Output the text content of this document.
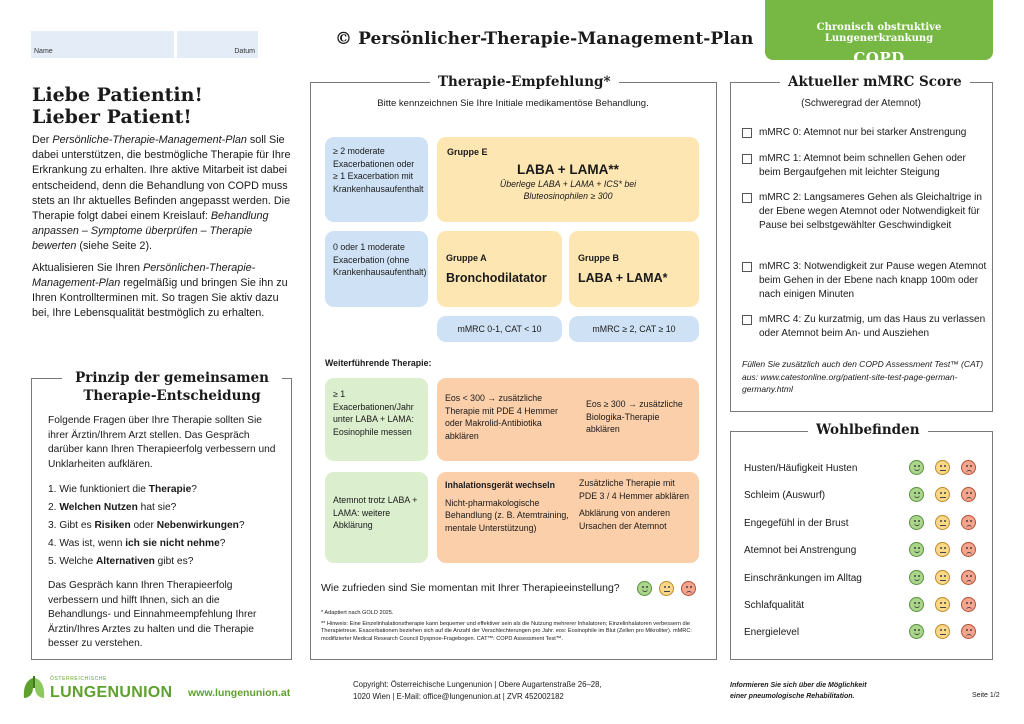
Name	Datum
© Persönlicher-Therapie-Management-Plan
Chronisch obstruktive Lungenerkrankung
COPD
Liebe Patientin!
Lieber Patient!

Der Persönliche-Therapie-Management-Plan soll Sie dabei unterstützen, die bestmögliche Therapie für Ihre Erkrankung zu erhalten. Ihre aktive Mitarbeit ist dabei entscheidend, denn die Behandlung von COPD muss stets an Ihr aktuelles Befinden angepasst werden. Die Therapie folgt dabei einem Kreislauf: Behandlung anpassen – Symptome überprüfen – Therapie bewerten (siehe Seite 2).

Aktualisieren Sie Ihren Persönlichen-Therapie-Management-Plan regelmäßig und bringen Sie ihn zu Ihren Kontrollterminen mit. So tragen Sie aktiv dazu bei, Ihre Lebensqualität bestmöglich zu erhalten.

Prinzip der gemeinsamen Therapie-Entscheidung
Folgende Fragen über Ihre Therapie sollten Sie ihrer Ärztin/Ihrem Arzt stellen. Das Gespräch darüber kann Ihren Therapieerfolg verbessern und Unklarheiten aufklären.
1. Wie funktioniert die Therapie?
2. Welchen Nutzen hat sie?
3. Gibt es Risiken oder Nebenwirkungen?
4. Was ist, wenn ich sie nicht nehme?
5. Welche Alternativen gibt es?
Das Gespräch kann Ihren Therapieerfolg verbessern und hilft Ihnen, sich an die Behandlungs- und Einnahmeempfehlung Ihrer Ärztin/Ihres Arztes zu halten und die Therapie besser zu verstehen.
Therapie-Empfehlung*
Bitte kennzeichnen Sie Ihre Initiale medikamentöse Behandlung.
≥ 2 moderate Exacerbationen oder ≥ 1 Exacerbation mit Krankenhausaufenthalt
Gruppe E
LABA + LAMA**
Überlege LABA + LAMA + ICS* bei Bluteosinophilen ≥ 300
0 oder 1 moderate Exacerbation (ohne Krankenhausaufenthalt)
Gruppe A
Bronchodilatator
Gruppe B
LABA + LAMA*
mMRC 0-1, CAT < 10	mMRC ≥ 2, CAT ≥ 10
Weiterführende Therapie:
≥ 1 Exacerbationen/Jahr unter LABA + LAMA: Eosinophile messen
Eos < 300 → zusätzliche Therapie mit PDE 4 Hemmer oder Makrolid-Antibiotika abklären
Eos ≥ 300 → zusätzliche Biologika-Therapie abklären
Atemnot trotz LABA + LAMA: weitere Abklärung
Inhalationsgerät wechseln
Nicht-pharmakologische Behandlung (z. B. Atemtraining, mentale Unterstützung)
Zusätzliche Therapie mit PDE 3 / 4 Hemmer abklären
Abklärung von anderen Ursachen der Atemnot
Wie zufrieden sind Sie momentan mit Ihrer Therapieeinstellung?
* Adaptiert nach GOLD 2025.
** Hinweis: Eine Einzelinhalationstherapie kann bequemer und effektiver sein als die Nutzung mehrerer Inhalatoren; Einzelinhalatoren verbessern die Therapietreue. Exacerbationen beziehen sich auf die Anzahl der Verschlechterungen pro Jahr. eos: Eosinophile im Blut (Zellen pro Mikroliter). mMRC: modifizierter Medical Research Council Dyspnoe-Fragebogen. CAT™: COPD Assessment Test™.
Aktueller mMRC Score
(Schweregrad der Atemnot)
mMRC 0: Atemnot nur bei starker Anstrengung
mMRC 1: Atemnot beim schnellen Gehen oder beim Bergaufgehen mit leichter Steigung
mMRC 2: Langsameres Gehen als Gleichaltrige in der Ebene wegen Atemnot oder Notwendigkeit für Pause bei selbstgewählter Geschwindigkeit
mMRC 3: Notwendigkeit zur Pause wegen Atemnot beim Gehen in der Ebene nach knapp 100m oder nach einigen Minuten
mMRC 4: Zu kurzatmig, um das Haus zu verlassen oder Atemnot beim An- und Ausziehen
Füllen Sie zusätzlich auch den COPD Assessment Test™ (CAT) aus: www.catestonline.org/patient-site-test-page-german-germany.html
Wohlbefinden
Husten/Häufigkeit Husten
Schleim (Auswurf)
Engegefühl in der Brust
Atemnot bei Anstrengung
Einschränkungen im Alltag
Schlafqualität
Energielevel
ÖSTERREICHISCHE
LUNGENUNION www.lungenunion.at
Copyright: Österreichische Lungenunion | Obere Augartenstraße 26–28,
1020 Wien | E-Mail: office@lungenunion.at | ZVR 452002182
Informieren Sie sich über die Möglichkeit
einer pneumologische Rehabilitation.	Seite 1/2
